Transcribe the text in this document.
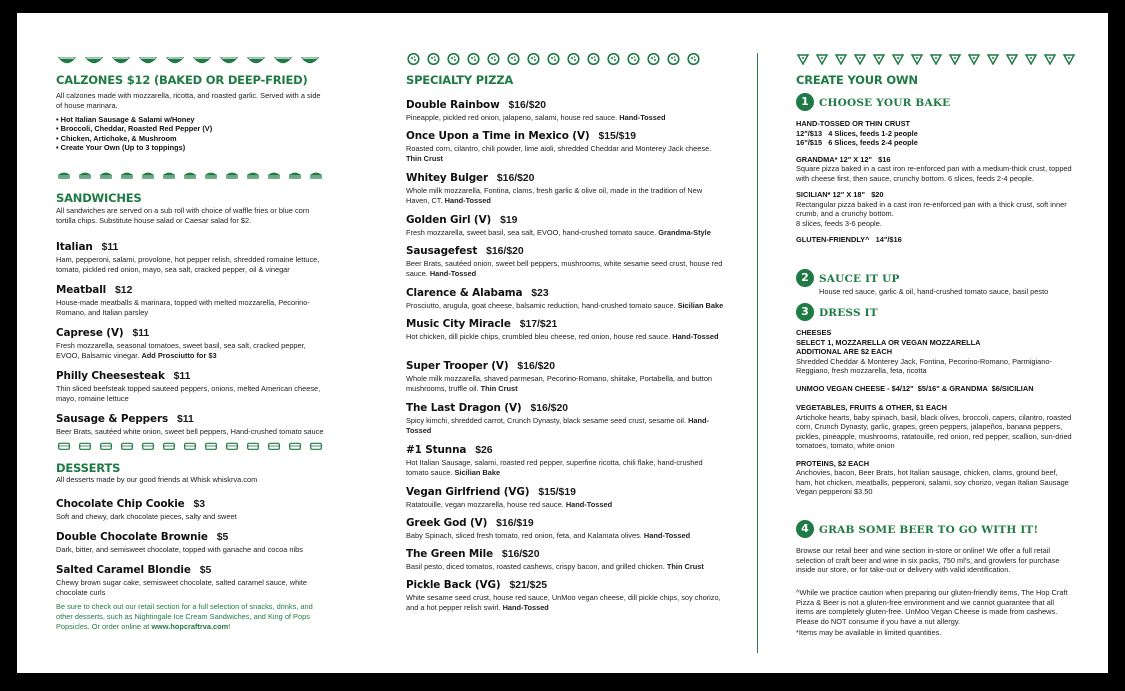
CALZONES $12 (BAKED OR DEEP-FRIED)
All calzones made with mozzarella, ricotta, and roasted garlic. Served with a side of house marinara.
• Hot Italian Sausage & Salami w/Honey
• Broccoli, Cheddar, Roasted Red Pepper (V)
• Chicken, Artichoke, & Mushroom
• Create Your Own (Up to 3 toppings)
SANDWICHES
All sandwiches are served on a sub roll with choice of waffle fries or blue corn tortilla chips. Substitute house salad or Caesar salad for $2.
Italian $11
Ham, pepperoni, salami, provolone, hot pepper relish, shredded romaine lettuce, tomato, pickled red onion, mayo, sea salt, cracked pepper, oil & vinegar
Meatball $12
House-made meatballs & marinara, topped with melted mozzarella, Pecorino-Romano, and Italian parsley
Caprese (V) $11
Fresh mozzarella, seasonal tomatoes, sweet basil, sea salt, cracked pepper, EVOO, Balsamic vinegar. Add Prosciutto for $3
Philly Cheesesteak $11
Thin sliced beefsteak topped sauteed peppers, onions, melted American cheese, mayo, romaine lettuce
Sausage & Peppers $11
Beer Brats, sautéed white onion, sweet bell peppers, Hand-crushed tomato sauce
DESSERTS
All desserts made by our good friends at Whisk whiskrva.com
Chocolate Chip Cookie $3
Soft and chewy, dark chocolate pieces, salty and sweet
Double Chocolate Brownie $5
Dark, bitter, and semisweet chocolate, topped with ganache and cocoa nibs
Salted Caramel Blondie $5
Chewy brown sugar cake, semisweet chocolate, salted caramel sauce, white chocolate curls
Be sure to check out our retail section for a full selection of snacks, drinks, and other desserts, such as Nightingale Ice Cream Sandwiches, and King of Pops Popsicles. Or order online at www.hopcraftrva.com!
SPECIALTY PIZZA
Double Rainbow $16/$20
Pineapple, pickled red onion, jalapeno, salami, house red sauce. Hand-Tossed
Once Upon a Time in Mexico (V) $15/$19
Roasted corn, cilantro, chili powder, lime aioli, shredded Cheddar and Monterey Jack cheese. Thin Crust
Whitey Bulger $16/$20
Whole milk mozzarella, Fontina, clams, fresh garlic & olive oil, made in the tradition of New Haven, CT. Hand-Tossed
Golden Girl (V) $19
Fresh mozzarella, sweet basil, sea salt, EVOO, hand-crushed tomato sauce. Grandma-Style
Sausagefest $16/$20
Beer Brats, sautéed onion, sweet bell peppers, mushrooms, white sesame seed crust, house red sauce. Hand-Tossed
Clarence & Alabama $23
Prosciutto, arugula, goat cheese, balsamic reduction, hand-crushed tomato sauce. Sicilian Bake
Music City Miracle $17/$21
Hot chicken, dill pickle chips, crumbled bleu cheese, red onion, house red sauce. Hand-Tossed
Super Trooper (V) $16/$20
Whole milk mozzarella, shaved parmesan, Pecorino-Romano, shiitake, Portabella, and button mushrooms, truffle oil. Thin Crust
The Last Dragon (V) $16/$20
Spicy kimchi, shredded carrot, Crunch Dynasty, black sesame seed crust, sesame oil. Hand-Tossed
#1 Stunna $26
Hot Italian Sausage, salami, roasted red pepper, superfine ricotta, chili flake, hand-crushed tomato sauce. Sicilian Bake
Vegan Girlfriend (VG) $15/$19
Ratatouille, vegan mozzarella, house red sauce. Hand-Tossed
Greek God (V) $16/$19
Baby Spinach, sliced fresh tomato, red onion, feta, and Kalamata olives. Hand-Tossed
The Green Mile $16/$20
Basil pesto, diced tomatos, roasted cashews, crispy bacon, and grilled chicken. Thin Crust
Pickle Back (VG) $21/$25
White sesame seed crust, house red sauce, UnMoo vegan cheese, dill pickle chips, soy chorizo, and a hot pepper relish swirl. Hand-Tossed
CREATE YOUR OWN
1 CHOOSE YOUR BAKE
HAND-TOSSED OR THIN CRUST
12"/$13   4 Slices, feeds 1-2 people
16"/$15   6 Slices, feeds 2-4 people
GRANDMA* 12" X 12"   $16
Square pizza baked in a cast iron re-enforced pan with a medium-thick crust, topped with cheese first, then sauce, crunchy bottom. 6 slices, feeds 2-4 people.
SICILIAN* 12" X 18"   $20
Rectangular pizza baked in a cast iron re-enforced pan with a thick crust, soft inner crumb, and a crunchy bottom.
8 slices, feeds 3-6 people.
GLUTEN-FRIENDLY^   14"/$16
2 SAUCE IT UP
House red sauce, garlic & oil, hand-crushed tomato sauce, basil pesto
3 DRESS IT
CHEESES
SELECT 1, MOZZARELLA OR VEGAN MOZZARELLA
ADDITIONAL ARE $2 EACH
Shredded Cheddar & Monterey Jack, Fontina, Pecorino-Romano, Parmigiano-Reggiano, fresh mozzarella, feta, ricotta
UNMOO VEGAN CHEESE - $4/12"  $5/16" & GRANDMA  $6/SICILIAN
VEGETABLES, FRUITS & OTHER, $1 EACH
Artichoke hearts, baby spinach, basil, black olives, broccoli, capers, cilantro, roasted corn, Crunch Dynasty, garlic, grapes, green peppers, jalapeños, banana peppers, pickles, pineapple, mushrooms, ratatouille, red onion, red pepper, scallion, sun-dried tomatoes, tomato, white onion
PROTEINS, $2 EACH
Anchovies, bacon, Beer Brats, hot Italian sausage, chicken, clams, ground beef, ham, hot chicken, meatballs, pepperoni, salami, soy chorizo, vegan Italian Sausage Vegan pepperoni $3.50
4 GRAB SOME BEER TO GO WITH IT!
Browse our retail beer and wine section in-store or online! We offer a full retail selection of craft beer and wine in six packs, 750 ml's, and growlers for purchase inside our store, or for take-out or delivery with valid identification.
^While we practice caution when preparing our gluten-friendly items, The Hop Craft Pizza & Beer is not a gluten-free environment and we cannot guarantee that all items are completely gluten-free. UnMoo Vegan Cheese is made from cashews. Please do NOT consume if you have a nut allergy.
*Items may be available in limited quantities.
